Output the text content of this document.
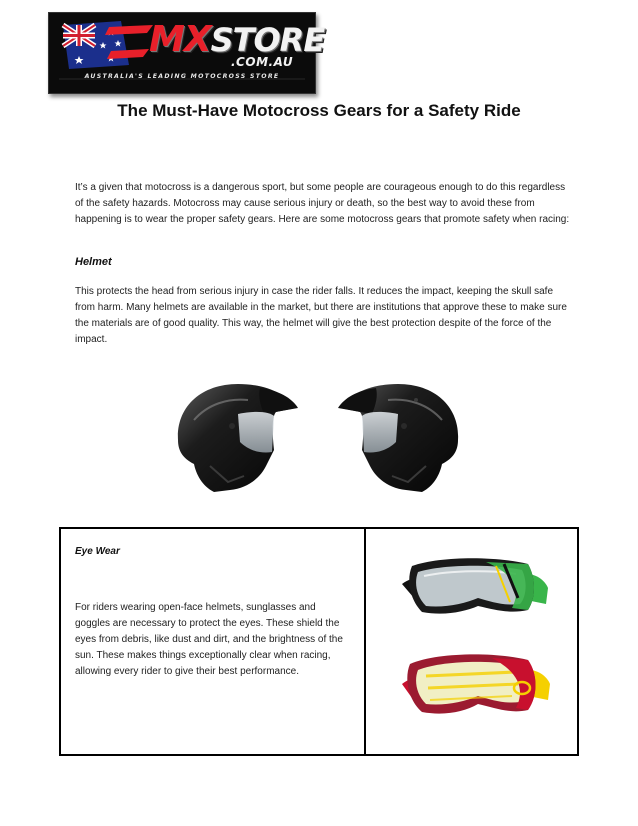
MXSTORE
.COM.AU
AUSTRALIA'S LEADING MOTOCROSS STORE
The Must-Have Motocross Gears for a Safety Ride

It’s a given that motocross is a dangerous sport, but some people are courageous enough to do this regardless of the safety hazards. Motocross may cause serious injury or death, so the best way to avoid these from happening is to wear the proper safety gears. Here are some motocross gears that promote safety when racing:

Helmet

This protects the head from serious injury in case the rider falls. It reduces the impact, keeping the skull safe from harm. Many helmets are available in the market, but there are institutions that approve these to make sure the materials are of good quality. This way, the helmet will give the best protection despite of the force of the impact.

Eye Wear

For riders wearing open-face helmets, sunglasses and goggles are necessary to protect the eyes. These shield the eyes from debris, like dust and dirt, and the brightness of the sun. These makes things exceptionally clear when racing, allowing every rider to give their best performance.
